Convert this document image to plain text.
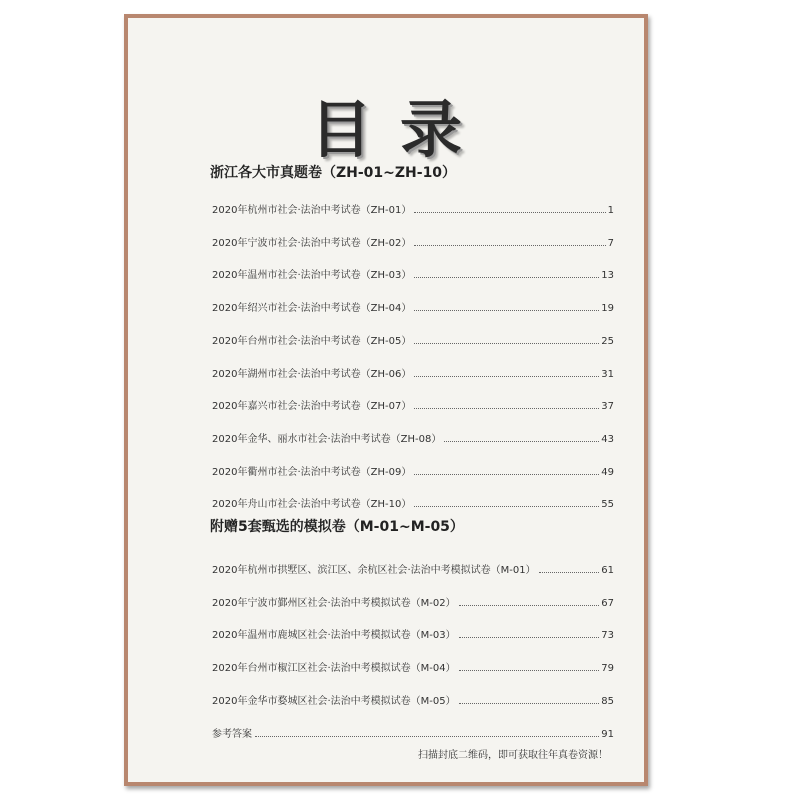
目录
浙江各大市真题卷（ZH-01~ZH-10）
附赠5套甄选的模拟卷（M-01~M-05）
2020年杭州市社会·法治中考试卷（ZH-01）	1
2020年宁波市社会·法治中考试卷（ZH-02）	7
2020年温州市社会·法治中考试卷（ZH-03）	13
2020年绍兴市社会·法治中考试卷（ZH-04）	19
2020年台州市社会·法治中考试卷（ZH-05）	25
2020年湖州市社会·法治中考试卷（ZH-06）	31
2020年嘉兴市社会·法治中考试卷（ZH-07）	37
2020年金华、丽水市社会·法治中考试卷（ZH-08）	43
2020年衢州市社会·法治中考试卷（ZH-09）	49
2020年舟山市社会·法治中考试卷（ZH-10）	55
2020年杭州市拱墅区、滨江区、余杭区社会·法治中考模拟试卷（M-01）	61
2020年宁波市鄞州区社会·法治中考模拟试卷（M-02）	67
2020年温州市鹿城区社会·法治中考模拟试卷（M-03）	73
2020年台州市椒江区社会·法治中考模拟试卷（M-04）	79
2020年金华市婺城区社会·法治中考模拟试卷（M-05）	85
参考答案	91
扫描封底二维码，即可获取往年真卷资源！
